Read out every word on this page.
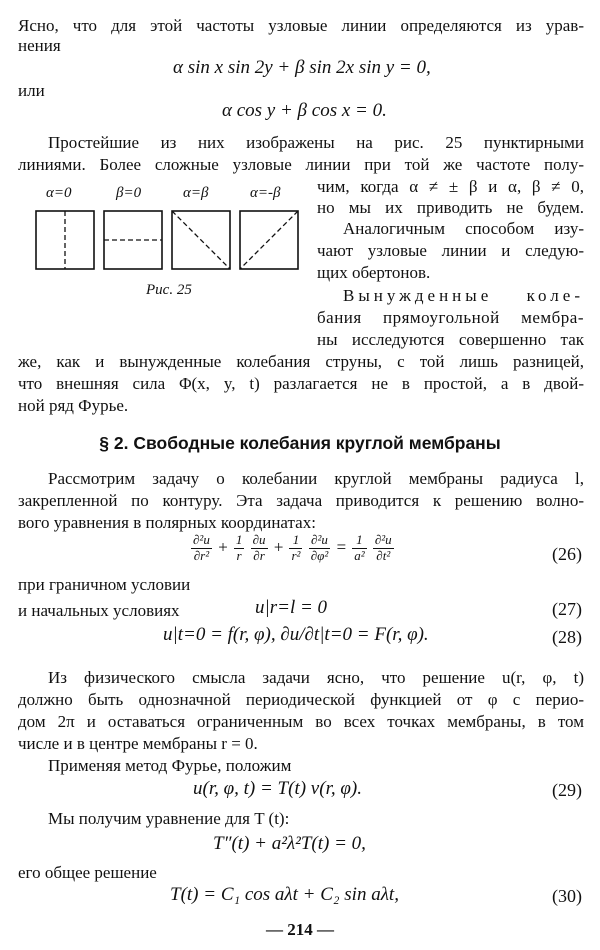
Ясно, что для этой частоты узловые линии определяются из урав-
нения
α sin x sin 2y + β sin 2x sin y = 0,
или
α cos y + β cos x = 0.
Простейшие из них изображены на рис. 25 пунктирными
линиями. Более сложные узловые линии при той же частоте полу-
чим, когда α ≠ ± β и α, β ≠ 0,
но мы их приводить не будем.
Аналогичным способом изу-
чают узловые линии и следую-
щих обертонов.
Вынужденные коле-
бания прямоугольной мембра-
ны исследуются совершенно так
же, как и вынужденные колебания струны, с той лишь разницей,
что внешняя сила Φ(x, y, t) разлагается не в простой, а в двой-
ной ряд Фурье.
α=0	β=0	α=β	α=-β
Рис. 25
§ 2. Свободные колебания круглой мембраны
Рассмотрим задачу о колебании круглой мембраны радиуса l,
закрепленной по контуру. Эта задача приводится к решению волно-
вого уравнения в полярных координатах:
$\frac{\text{∂²u}}{\text{∂r²}} + \frac{1}{r}$
$\frac{\partial u}{\partial r} + \frac{1}{\text{r²}}$
$\frac{\text{∂²u}}{\text{∂φ²}} = \frac{1}{\text{a²}}$
$\frac{\text{∂²u}}{\text{∂t²}}$	(26)
при граничном условии
u|r=l = 0	(27)
и начальных условиях
u|t=0 = f(r, φ), ∂u/∂t|t=0 = F(r, φ).	(28)
Из физического смысла задачи ясно, что решение u(r, φ, t)
должно быть однозначной периодической функцией от φ с перио-
дом 2π и оставаться ограниченным во всех точках мембраны, в том
числе и в центре мембраны r = 0.
Применяя метод Фурье, положим
u(r, φ, t) = T(t) v(r, φ).	(29)
Мы получим уравнение для T (t):
T″(t) + a²λ²T(t) = 0,
его общее решение
T(t) = C₁ cos aλt + C₂ sin aλt,	(30)
— 214 —
